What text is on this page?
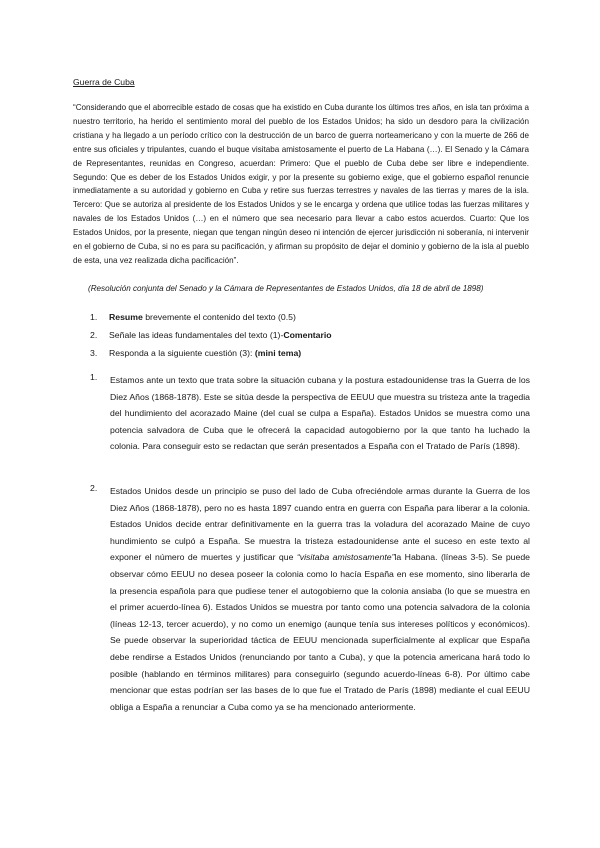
Guerra de Cuba
“Considerando que el aborrecible estado de cosas que ha existido en Cuba durante los últimos tres años, en isla tan próxima a nuestro territorio, ha herido el sentimiento moral del pueblo de los Estados Unidos; ha sido un desdoro para la civilización cristiana y ha llegado a un período crítico con la destrucción de un barco de guerra norteamericano y con la muerte de 266 de entre sus oficiales y tripulantes, cuando el buque visitaba amistosamente el puerto de La Habana (…). El Senado y la Cámara de Representantes, reunidas en Congreso, acuerdan: Primero: Que el pueblo de Cuba debe ser libre e independiente. Segundo: Que es deber de los Estados Unidos exigir, y por la presente su gobierno exige, que el gobierno español renuncie inmediatamente a su autoridad y gobierno en Cuba y retire sus fuerzas terrestres y navales de las tierras y mares de la isla. Tercero: Que se autoriza al presidente de los Estados Unidos y se le encarga y ordena que utilice todas las fuerzas militares y navales de los Estados Unidos (…) en el número que sea necesario para llevar a cabo estos acuerdos. Cuarto: Que los Estados Unidos, por la presente, niegan que tengan ningún deseo ni intención de ejercer jurisdicción ni soberanía, ni intervenir en el gobierno de Cuba, si no es para su pacificación, y afirman su propósito de dejar el dominio y gobierno de la isla al pueblo de esta, una vez realizada dicha pacificación”.
(Resolución conjunta del Senado y la Cámara de Representantes de Estados Unidos, día 18 de abril de 1898)
1. Resume brevemente el contenido del texto (0.5)
2. Señale las ideas fundamentales del texto (1)-Comentario
3. Responda a la siguiente cuestión (3): (mini tema)
1. Estamos ante un texto que trata sobre la situación cubana y la postura estadounidense tras la Guerra de los Diez Años (1868-1878). Este se sitúa desde la perspectiva de EEUU que muestra su tristeza ante la tragedia del hundimiento del acorazado Maine (del cual se culpa a España). Estados Unidos se muestra como una potencia salvadora de Cuba que le ofrecerá la capacidad autogobierno por la que tanto ha luchado la colonia. Para conseguir esto se redactan que serán presentados a España con el Tratado de París (1898).
2. Estados Unidos desde un principio se puso del lado de Cuba ofreciéndole armas durante la Guerra de los Diez Años (1868-1878), pero no es hasta 1897 cuando entra en guerra con España para liberar a la colonia. Estados Unidos decide entrar definitivamente en la guerra tras la voladura del acorazado Maine de cuyo hundimiento se culpó a España. Se muestra la tristeza estadounidense ante el suceso en este texto al exponer el número de muertes y justificar que “visitaba amistosamente”la Habana. (líneas 3-5). Se puede observar cómo EEUU no desea poseer la colonia como lo hacía España en ese momento, sino liberarla de la presencia española para que pudiese tener el autogobierno que la colonia ansiaba (lo que se muestra en el primer acuerdo-línea 6). Estados Unidos se muestra por tanto como una potencia salvadora de la colonia (líneas 12-13, tercer acuerdo), y no como un enemigo (aunque tenía sus intereses políticos y económicos). Se puede observar la superioridad táctica de EEUU mencionada superficialmente al explicar que España debe rendirse a Estados Unidos (renunciando por tanto a Cuba), y que la potencia americana hará todo lo posible (hablando en términos militares) para conseguirlo (segundo acuerdo-líneas 6-8). Por último cabe mencionar que estas podrían ser las bases de lo que fue el Tratado de París (1898) mediante el cual EEUU obliga a España a renunciar a Cuba como ya se ha mencionado anteriormente.
